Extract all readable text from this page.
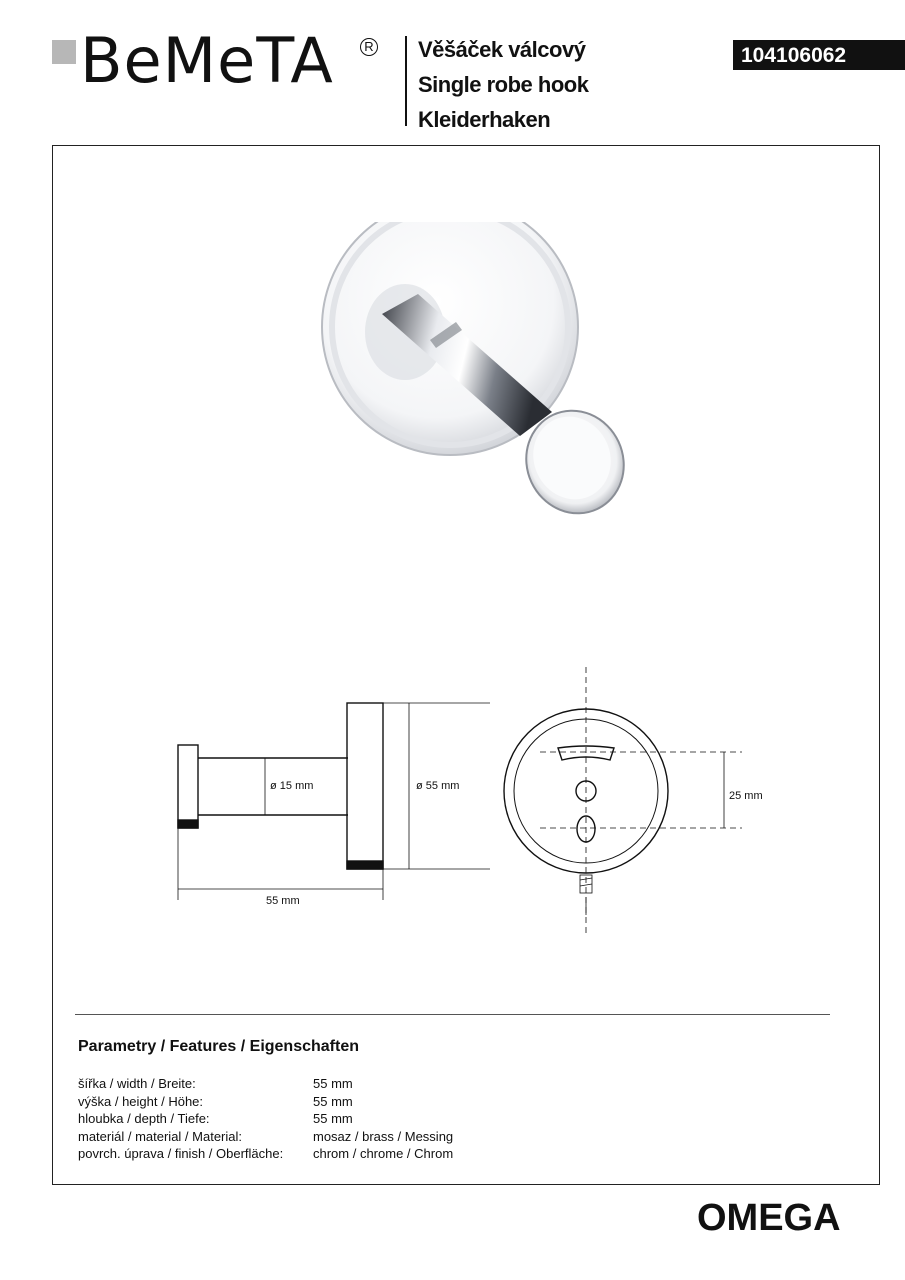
BeMeTA	R Věšáček válcový
Single robe hook
Kleiderhaken
104106062
ø 15 mm	ø 55 mm
55 mm
25 mm
Parametry / Features / Eigenschaften
šířka / width / Breite:	55 mm
výška / height / Höhe:	55 mm
hloubka / depth / Tiefe:	55 mm
materiál / material / Material:	mosaz / brass / Messing
povrch. úprava / finish / Oberfläche:	chrom / chrome / Chrom
OMEGA
